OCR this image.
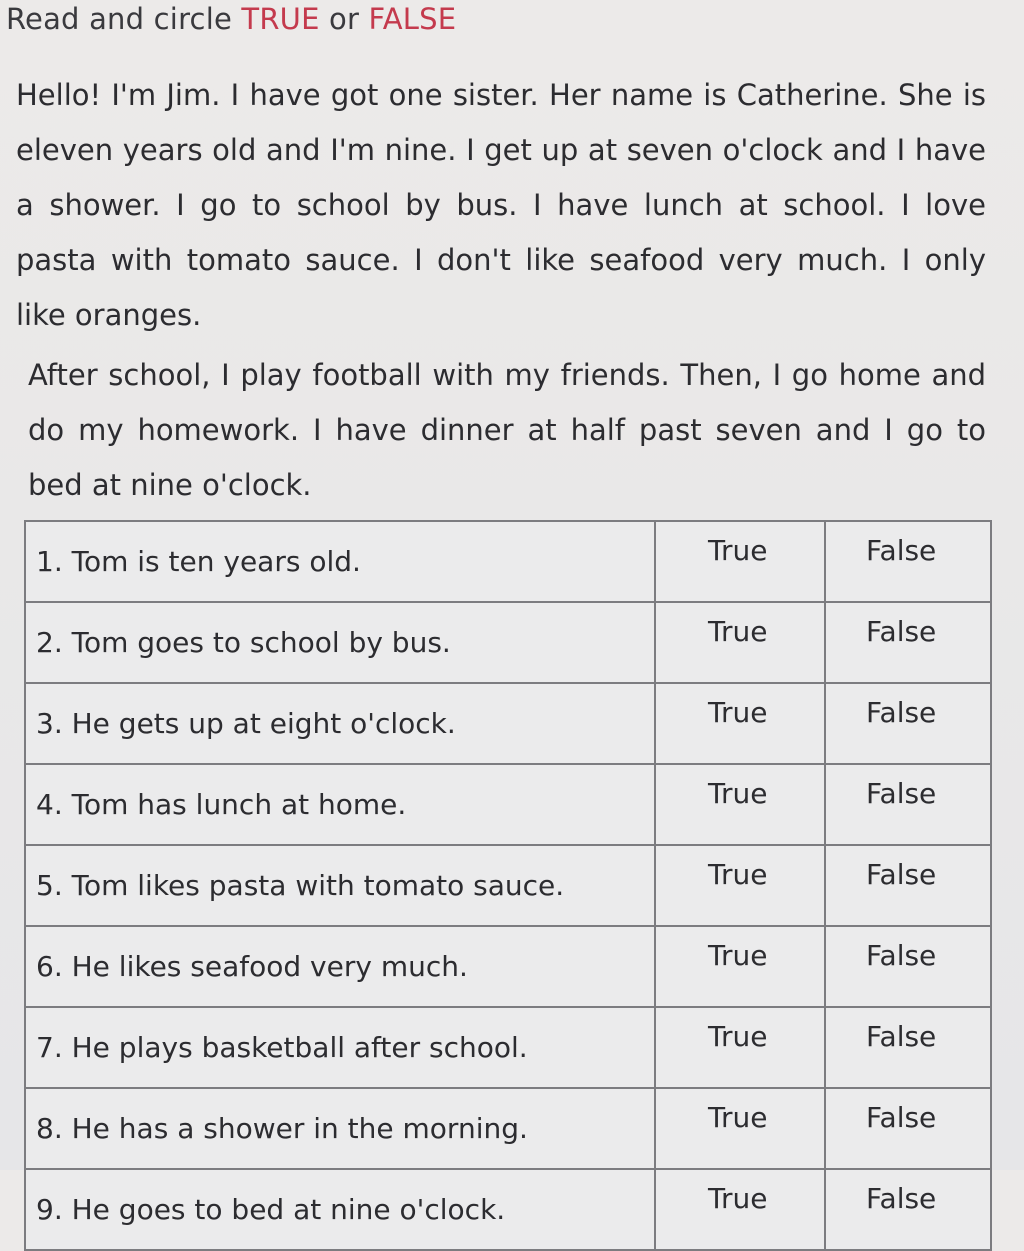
Read and circle TRUE or FALSE

Hello! I'm Jim. I have got one sister. Her name is Catherine. She is eleven years old and I'm nine. I get up at seven o'clock and I have a shower. I go to school by bus. I have lunch at school. I love pasta with tomato sauce. I don't like seafood very much. I only like oranges.

After school, I play football with my friends. Then, I go home and do my homework. I have dinner at half past seven and I go to bed at nine o'clock.

1. Tom is ten years old.	True	False
2. Tom goes to school by bus.	True	False
3. He gets up at eight o'clock.	True	False
4. Tom has lunch at home.	True	False
5. Tom likes pasta with tomato sauce.	True	False
6. He likes seafood very much.	True	False
7. He plays basketball after school.	True	False
8. He has a shower in the morning.	True	False
9. He goes to bed at nine o'clock.	True	False
